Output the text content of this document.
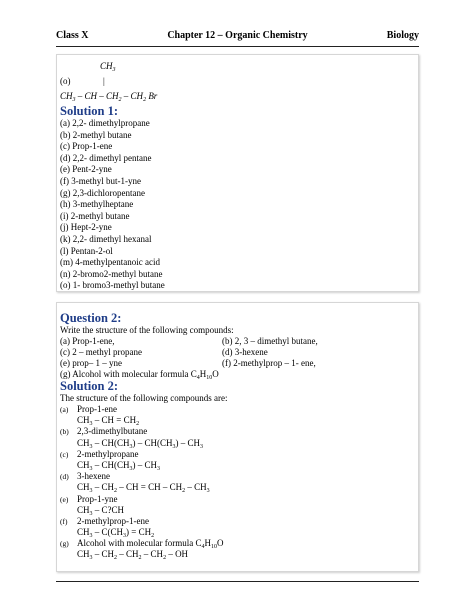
Class X	Chapter 12 – Organic Chemistry	Biology
$CH_3$
(o)	|
$CH_3$ – CH – $CH_2 - CH_2$ Br
Solution 1:
(a) 2,2- dimethylpropane
(b) 2-methyl butane
(c) Prop-1-ene
(d) 2,2- dimethyl pentane
(e) Pent-2-yne
(f) 3-methyl but-1-yne
(g) 2,3-dichloropentane
(h) 3-methylheptane
(i) 2-methyl butane
(j) Hept-2-yne
(k) 2,2- dimethyl hexanal
(l) Pentan-2-ol
(m) 4-methylpentanoic acid
(n) 2-bromo2-methyl butane
(o) 1- bromo3-methyl butane
Question 2:
Write the structure of the following compounds:
(a) Prop-1-ene,	(b) 2, 3 – dimethyl butane,
(c) 2 – methyl propane	(d) 3-hexene
(e) prop– 1 – yne	(f) 2-methylprop – 1- ene,
(g) Alcohol with molecular formula $C_4H_{10}O$
Solution 2:
The structure of the following compounds are:
(a) Prop-1-ene
$CH_3$ – CH = $CH_2$
(b) 2,3-dimethylbutane
$CH_3 - CH(CH_3) - CH(CH_3) - CH_3$
(c) 2-methylpropane
$CH_3 - CH(CH_3) - CH_3$
(d) 3-hexene
$CH_3 - CH_2$ – CH = CH – $CH_2 - CH_3$
(e) Prop-1-yne
$CH_3$ – C?CH
(f) 2-methylprop-1-ene
$CH_3 - C(CH_3) = CH_2$
(g) Alcohol with molecular formula $C_4H_{10}O$
$CH_3 - CH_2 - CH_2 - CH_2$ – OH
